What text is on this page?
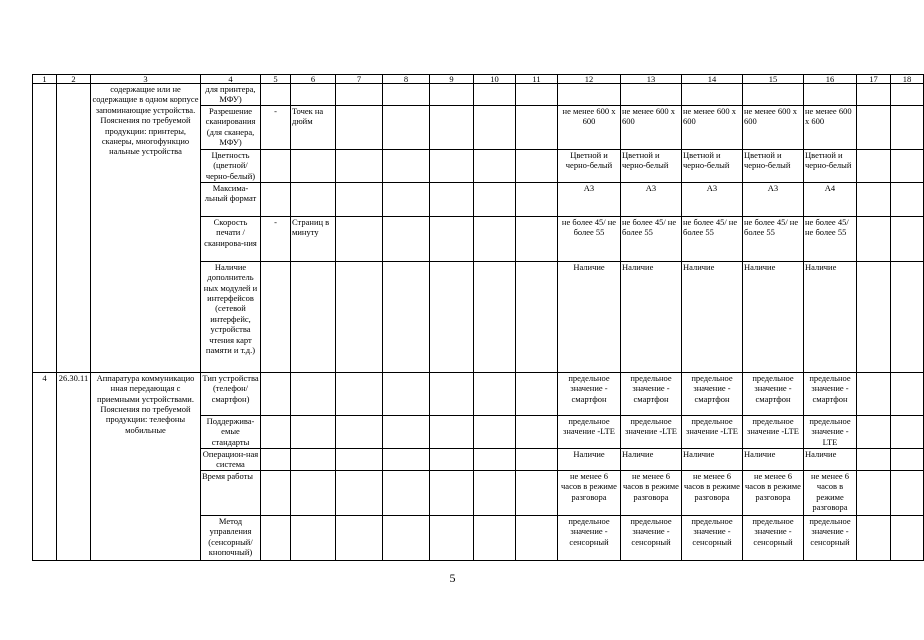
1	2	3	4	5	6	7	8	9	10	11	12	13	14	15	16	17	18
		содержащие или не содержащие в одном корпусе запоминающие устройства. Пояснения по требуемой продукции: принтеры, сканеры, многофункцио нальные устройства	для принтера, МФУ)														
			Разрешение сканирования (для сканера, МФУ)	-	Точек на дюйм						не менее 600 х 600	не менее 600 х 600	не менее 600 х 600	не менее 600 х 600	не менее 600 х 600		
			Цветность (цветной/ черно-белый)								Цветной и черно-белый	Цветной и черно-белый	Цветной и черно-белый	Цветной и черно-белый	Цветной и черно-белый		
			Максима-льный формат								А3	А3	А3	А3	А4		
			Скорость печати /сканирова-ния	-	Страниц в минуту						не более 45/ не более 55	не более 45/ не более 55	не более 45/ не более 55	не более 45/ не более 55	не более 45/ не более 55		
			Наличие дополнитель ных модулей и интерфейсов (сетевой интерфейс, устройства чтения карт памяти и т.д.)								Наличие	Наличие	Наличие	Наличие	Наличие		
4	26.30.11	Аппаратура коммуникацио нная передающая с приемными устройствами. Пояснения по требуемой продукции: телефоны мобильные	Тип устройства (телефон/ смартфон)								предельное значение - смартфон	предельное значение - смартфон	предельное значение - смартфон	предельное значение - смартфон	предельное значение - смартфон		
			Поддержива-емые стандарты								предельное значение -LTE	предельное значение -LTE	предельное значение -LTE	предельное значение -LTE	предельное значение - LTE		
			Операцион-ная система								Наличие	Наличие	Наличие	Наличие	Наличие		
			Время работы								не менее 6 часов в режиме разговора	не менее 6 часов в режиме разговора	не менее 6 часов в режиме разговора	не менее 6 часов в режиме разговора	не менее 6 часов в режиме разговора		
			Метод управления (сенсорный/ кнопочный)								предельное значение - сенсорный	предельное значение - сенсорный	предельное значение - сенсорный	предельное значение - сенсорный	предельное значение - сенсорный		
5
